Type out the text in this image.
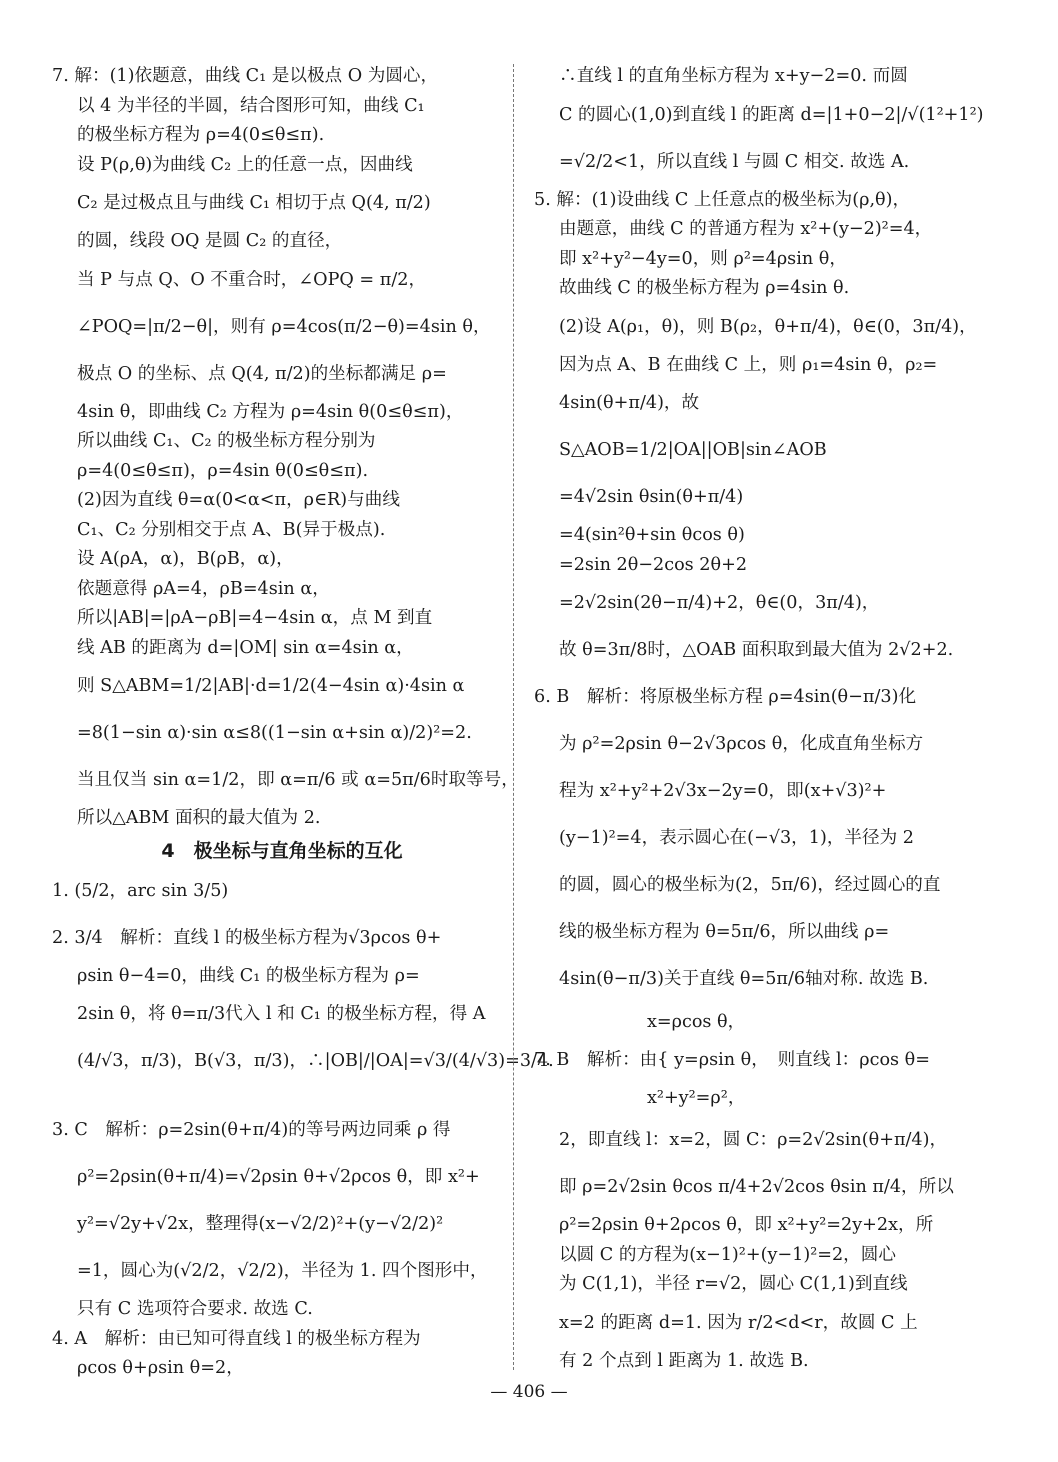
7. 解：(1)依题意，曲线 C₁ 是以极点 O 为圆心，
以 4 为半径的半圆，结合图形可知，曲线 C₁
的极坐标方程为 ρ=4(0≤θ≤π).
设 P(ρ,θ)为曲线 C₂ 上的任意一点，因曲线
C₂ 是过极点且与曲线 C₁ 相切于点 Q(4, π/2)
的圆，线段 OQ 是圆 C₂ 的直径，
当 P 与点 Q、O 不重合时，∠OPQ = π/2，
∠POQ=|π/2−θ|，则有 ρ=4cos(π/2−θ)=4sin θ，
极点 O 的坐标、点 Q(4, π/2)的坐标都满足 ρ=
4sin θ，即曲线 C₂ 方程为 ρ=4sin θ(0≤θ≤π)，
所以曲线 C₁、C₂ 的极坐标方程分别为
ρ=4(0≤θ≤π)，ρ=4sin θ(0≤θ≤π).
(2)因为直线 θ=α(0<α<π，ρ∈R)与曲线
C₁、C₂ 分别相交于点 A、B(异于极点).
设 A(ρA，α)，B(ρB，α)，
依题意得 ρA=4，ρB=4sin α，
所以|AB|=|ρA−ρB|=4−4sin α，点 M 到直
线 AB 的距离为 d=|OM| sin α=4sin α，
则 S△ABM=1/2|AB|·d=1/2(4−4sin α)·4sin α
=8(1−sin α)·sin α≤8((1−sin α+sin α)/2)²=2.
当且仅当 sin α=1/2，即 α=π/6 或 α=5π/6时取等号，
所以△ABM 面积的最大值为 2.
4　极坐标与直角坐标的互化
1. (5/2，arc sin 3/5)
2. 3/4　解析：直线 l 的极坐标方程为√3ρcos θ+
ρsin θ−4=0，曲线 C₁ 的极坐标方程为 ρ=
2sin θ，将 θ=π/3代入 l 和 C₁ 的极坐标方程，得 A
(4/√3，π/3)，B(√3，π/3)，∴|OB|/|OA|=√3/(4/√3)=3/4.
3. C　解析：ρ=2sin(θ+π/4)的等号两边同乘 ρ 得
ρ²=2ρsin(θ+π/4)=√2ρsin θ+√2ρcos θ，即 x²+
y²=√2y+√2x，整理得(x−√2/2)²+(y−√2/2)²
=1，圆心为(√2/2，√2/2)，半径为 1. 四个图形中，
只有 C 选项符合要求. 故选 C.
4. A　解析：由已知可得直线 l 的极坐标方程为
ρcos θ+ρsin θ=2，
∴直线 l 的直角坐标方程为 x+y−2=0. 而圆
C 的圆心(1,0)到直线 l 的距离 d=|1+0−2|/√(1²+1²)
=√2/2<1，所以直线 l 与圆 C 相交. 故选 A.
5. 解：(1)设曲线 C 上任意点的极坐标为(ρ,θ)，
由题意，曲线 C 的普通方程为 x²+(y−2)²=4，
即 x²+y²−4y=0，则 ρ²=4ρsin θ，
故曲线 C 的极坐标方程为 ρ=4sin θ.
(2)设 A(ρ₁，θ)，则 B(ρ₂，θ+π/4)，θ∈(0，3π/4)，
因为点 A、B 在曲线 C 上，则 ρ₁=4sin θ，ρ₂=
4sin(θ+π/4)，故
S△AOB=1/2|OA||OB|sin∠AOB
=4√2sin θsin(θ+π/4)
=4(sin²θ+sin θcos θ)
=2sin 2θ−2cos 2θ+2
=2√2sin(2θ−π/4)+2，θ∈(0，3π/4)，
故 θ=3π/8时，△OAB 面积取到最大值为 2√2+2.
6. B　解析：将原极坐标方程 ρ=4sin(θ−π/3)化
为 ρ²=2ρsin θ−2√3ρcos θ，化成直角坐标方
程为 x²+y²+2√3x−2y=0，即(x+√3)²+
(y−1)²=4，表示圆心在(−√3，1)，半径为 2
的圆，圆心的极坐标为(2，5π/6)，经过圆心的直
线的极坐标方程为 θ=5π/6，所以曲线 ρ=
4sin(θ−π/3)关于直线 θ=5π/6轴对称. 故选 B.
　　　　　x=ρcos θ，
7. B　解析：由{ y=ρsin θ，　则直线 l：ρcos θ=
　　　　　x²+y²=ρ²，
2，即直线 l：x=2，圆 C：ρ=2√2sin(θ+π/4)，
即 ρ=2√2sin θcos π/4+2√2cos θsin π/4，所以
ρ²=2ρsin θ+2ρcos θ，即 x²+y²=2y+2x，所
以圆 C 的方程为(x−1)²+(y−1)²=2，圆心
为 C(1,1)，半径 r=√2，圆心 C(1,1)到直线
x=2 的距离 d=1. 因为 r/2<d<r，故圆 C 上
有 2 个点到 l 距离为 1. 故选 B.
— 406 —
